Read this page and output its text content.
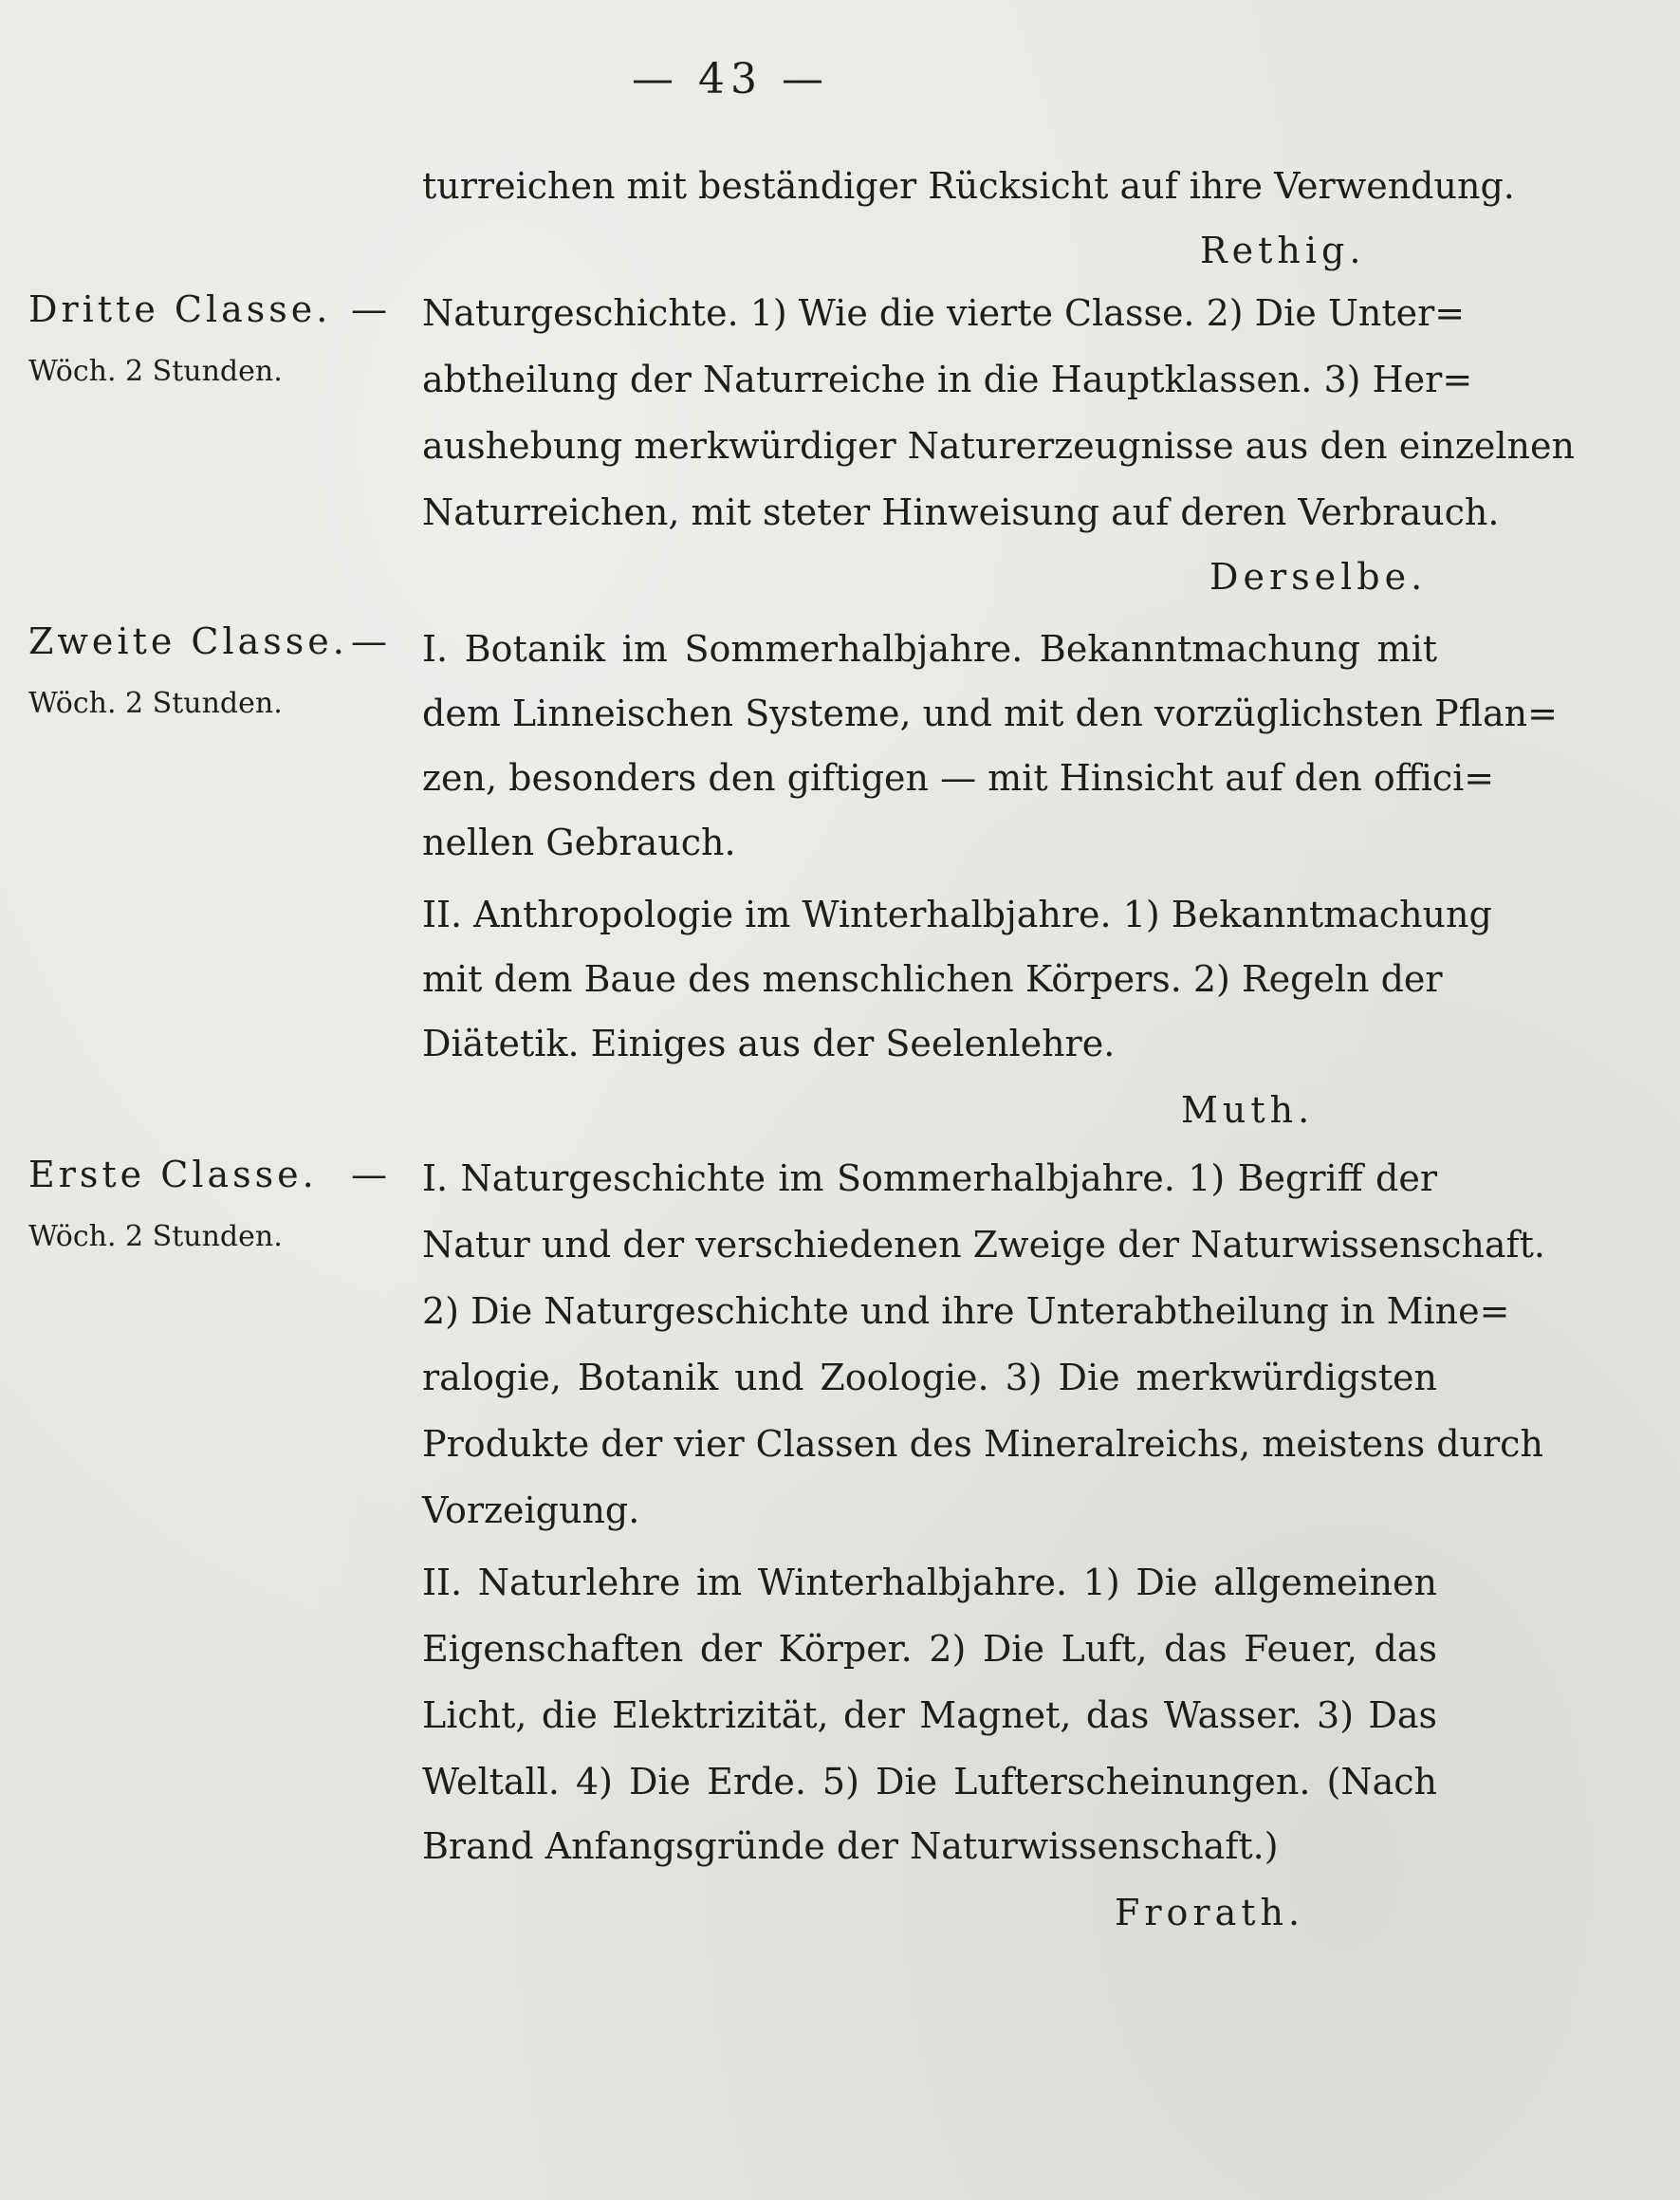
— 43 —
turreichen mit beständiger Rücksicht auf ihre Verwendung.
Rethig.
Dritte Classe. —
Wöch. 2 Stunden.
Naturgeschichte. 1) Wie die vierte Classe. 2) Die Unter=
abtheilung der Naturreiche in die Hauptklassen. 3) Her=
aushebung merkwürdiger Naturerzeugnisse aus den einzelnen
Naturreichen, mit steter Hinweisung auf deren Verbrauch.
Derselbe.
Zweite Classe.—
Wöch. 2 Stunden.
I. Botanik im Sommerhalbjahre. Bekanntmachung mit
dem Linneischen Systeme, und mit den vorzüglichsten Pflan=
zen, besonders den giftigen — mit Hinsicht auf den offici=
nellen Gebrauch.
II. Anthropologie im Winterhalbjahre. 1) Bekanntmachung
mit dem Baue des menschlichen Körpers. 2) Regeln der
Diätetik. Einiges aus der Seelenlehre.
Muth.
Erste Classe. —
Wöch. 2 Stunden.
I. Naturgeschichte im Sommerhalbjahre. 1) Begriff der
Natur und der verschiedenen Zweige der Naturwissenschaft.
2) Die Naturgeschichte und ihre Unterabtheilung in Mine=
ralogie, Botanik und Zoologie. 3) Die merkwürdigsten
Produkte der vier Classen des Mineralreichs, meistens durch
Vorzeigung.
II. Naturlehre im Winterhalbjahre. 1) Die allgemeinen
Eigenschaften der Körper. 2) Die Luft, das Feuer, das
Licht, die Elektrizität, der Magnet, das Wasser. 3) Das
Weltall. 4) Die Erde. 5) Die Lufterscheinungen. (Nach
Brand Anfangsgründe der Naturwissenschaft.)
Frorath.
